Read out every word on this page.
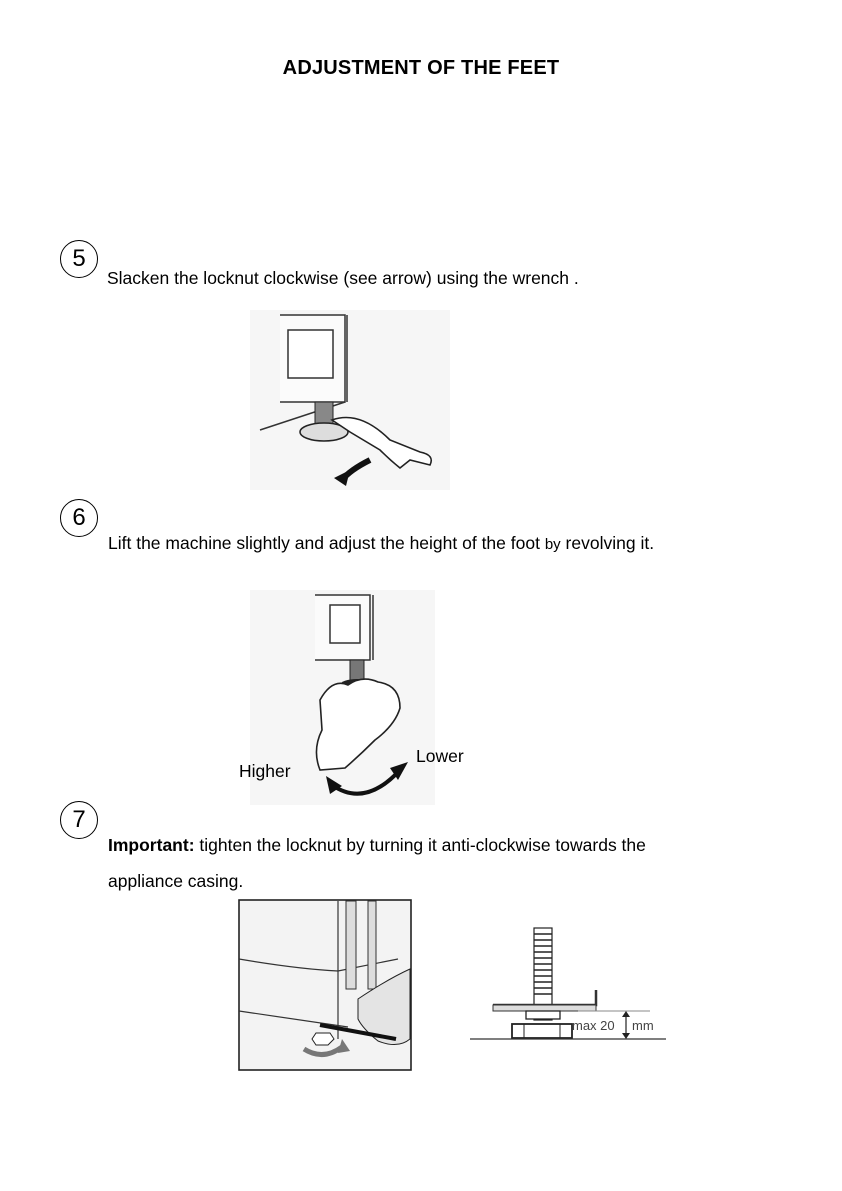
ADJUSTMENT OF THE FEET
5
Slacken the locknut clockwise (see arrow) using the wrench .
6
Lift the machine slightly and adjust the height of the foot by revolving it.
Higher
Lower
7
Important: tighten the locknut by turning it anti-clockwise towards the
appliance casing.
max 20 mm
